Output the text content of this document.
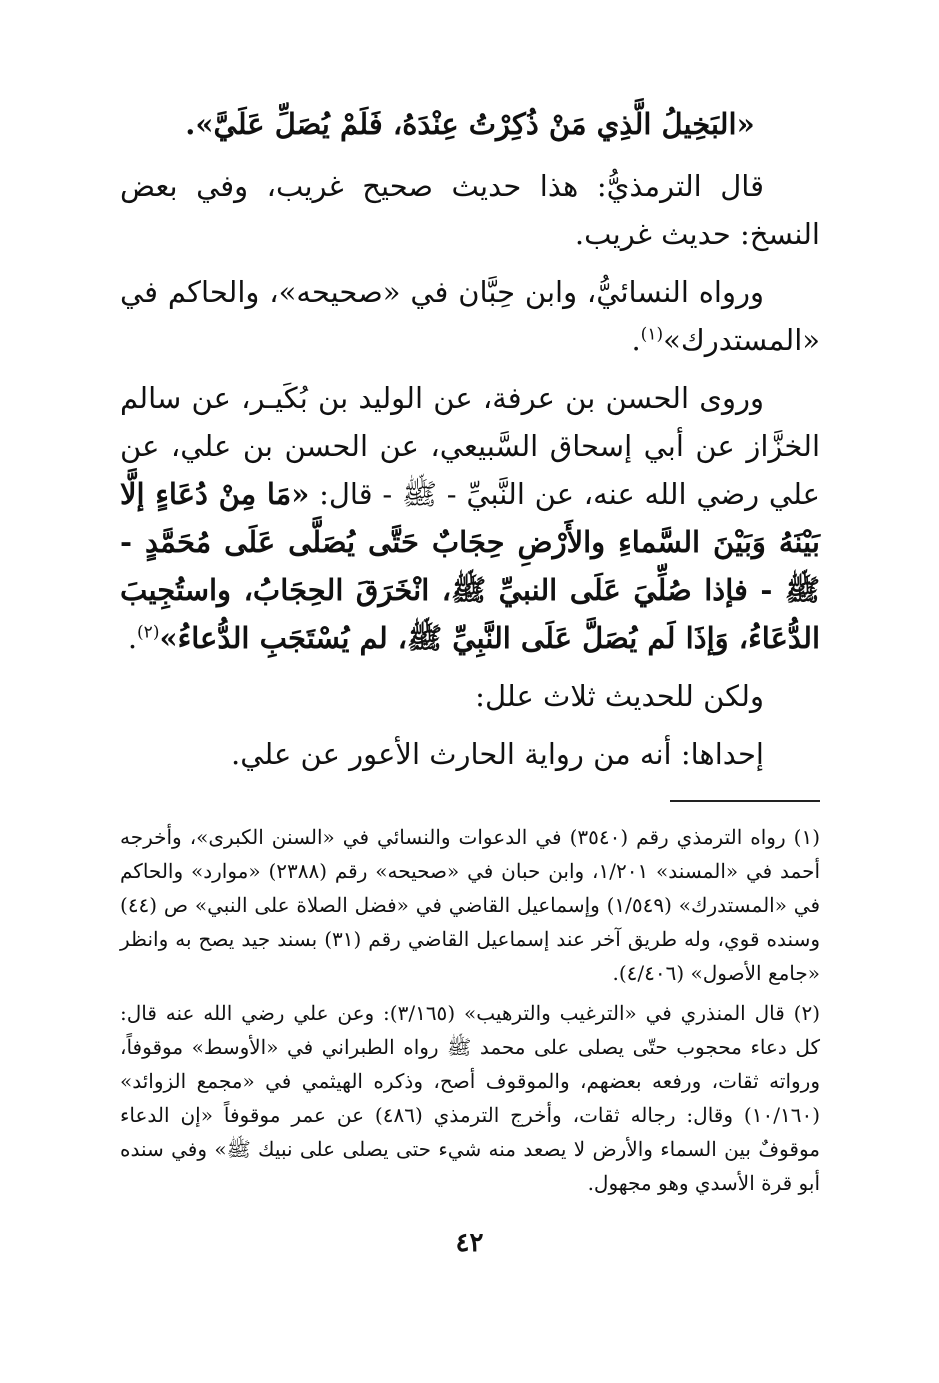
«البَخِيلُ الَّذِي مَنْ ذُكِرْتُ عِنْدَهُ، فَلَمْ يُصَلِّ عَلَيَّ».

قال الترمذيُّ: هذا حديث صحيح غريب، وفي بعض النسخ: حديث غريب.

ورواه النسائيُّ، وابن حِبَّان في «صحيحه»، والحاكم في «المستدرك»$^{(١)}$.

وروى الحسن بن عرفة، عن الوليد بن بُكَيـر، عن سالم الخزَّاز عن أبي إسحاق السَّبيعي، عن الحسن بن علي، عن علي رضي الله عنه، عن النَّبيِّ - ﷺ - قال: «مَا مِنْ دُعَاءٍ إلَّا بَيْنَهُ وَبَيْنَ السَّماءِ والأَرْضِ حِجَابٌ حَتَّى يُصَلَّى عَلَى مُحَمَّدٍ - ﷺ - فإذا صُلِّيَ عَلَى النبيِّ ﷺ، انْخَرَقَ الحِجَابُ، واستُجِيبَ الدُّعَاءُ، وَإذَا لَم يُصَلَّ عَلَى النَّبِيِّ ﷺ، لم يُسْتَجَبِ الدُّعاءُ»$^{(٢)}$.

ولكن للحديث ثلاث علل:

إحداها: أنه من رواية الحارث الأعور عن علي.

(١) رواه الترمذي رقم (٣٥٤٠) في الدعوات والنسائي في «السنن الكبرى»، وأخرجه أحمد في «المسند» ١/٢٠١، وابن حبان في «صحيحه» رقم (٢٣٨٨) «موارد» والحاكم في «المستدرك» (١/٥٤٩) وإسماعيل القاضي في «فضل الصلاة على النبي» ص (٤٤) وسنده قوي، وله طريق آخر عند إسماعيل القاضي رقم (٣١) بسند جيد يصح به وانظر «جامع الأصول» (٤/٤٠٦).

(٢) قال المنذري في «الترغيب والترهيب» (٣/١٦٥): وعن علي رضي الله عنه قال: كل دعاء محجوب حتّى يصلى على محمد ﷺ رواه الطبراني في «الأوسط» موقوفاً، ورواته ثقات، ورفعه بعضهم، والموقوف أصح، وذكره الهيثمي في «مجمع الزوائد» (١٠/١٦٠) وقال: رجاله ثقات، وأخرج الترمذي (٤٨٦) عن عمر موقوفاً «إن الدعاء موقوفٌ بين السماء والأرض لا يصعد منه شيء حتى يصلى على نبيك ﷺ» وفي سنده أبو قرة الأسدي وهو مجهول.

٤٢
